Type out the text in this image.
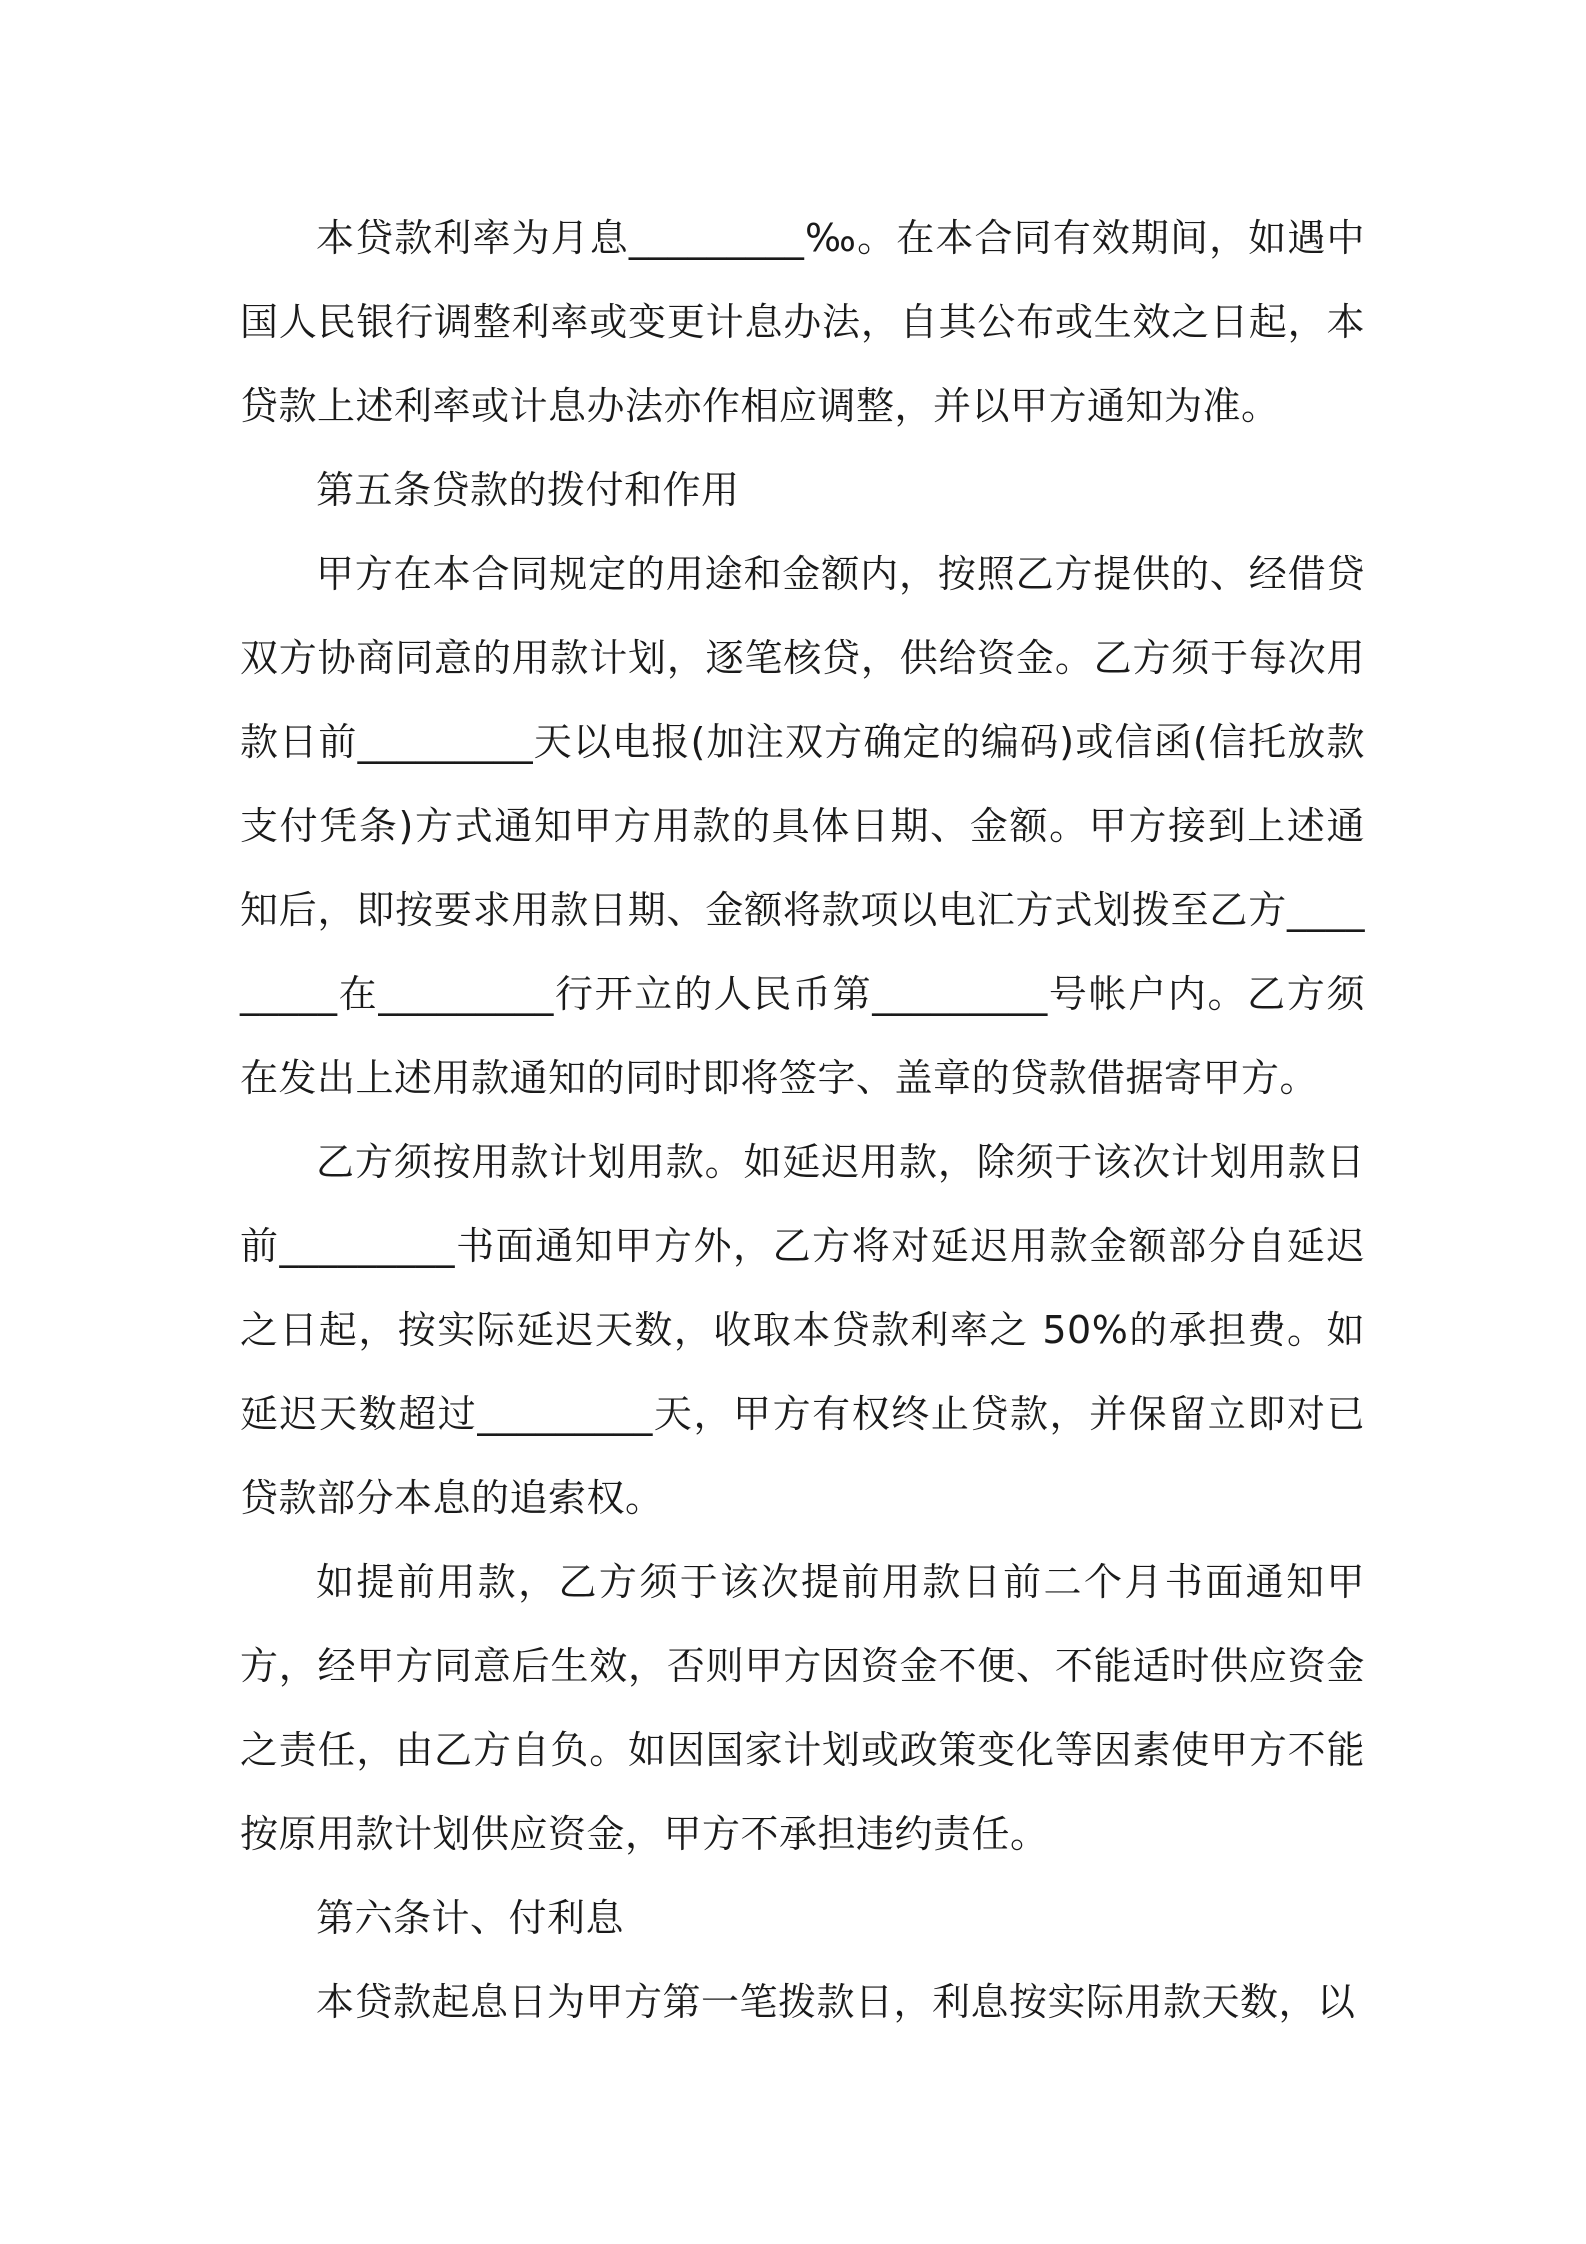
本贷款利率为月息_________‰。在本合同有效期间，如遇中国人民银行调整利率或变更计息办法，自其公布或生效之日起，本贷款上述利率或计息办法亦作相应调整，并以甲方通知为准。

第五条贷款的拨付和作用

甲方在本合同规定的用途和金额内，按照乙方提供的、经借贷双方协商同意的用款计划，逐笔核贷，供给资金。乙方须于每次用款日前_________天以电报(加注双方确定的编码)或信函(信托放款支付凭条)方式通知甲方用款的具体日期、金额。甲方接到上述通知后，即按要求用款日期、金额将款项以电汇方式划拨至乙方_________在_________行开立的人民币第_________号帐户内。乙方须在发出上述用款通知的同时即将签字、盖章的贷款借据寄甲方。

乙方须按用款计划用款。如延迟用款，除须于该次计划用款日前_________书面通知甲方外，乙方将对延迟用款金额部分自延迟之日起，按实际延迟天数，收取本贷款利率之 50%的承担费。如延迟天数超过_________天，甲方有权终止贷款，并保留立即对已贷款部分本息的追索权。

如提前用款，乙方须于该次提前用款日前二个月书面通知甲方，经甲方同意后生效，否则甲方因资金不便、不能适时供应资金之责任，由乙方自负。如因国家计划或政策变化等因素使甲方不能按原用款计划供应资金，甲方不承担违约责任。

第六条计、付利息

本贷款起息日为甲方第一笔拨款日，利息按实际用款天数，以
